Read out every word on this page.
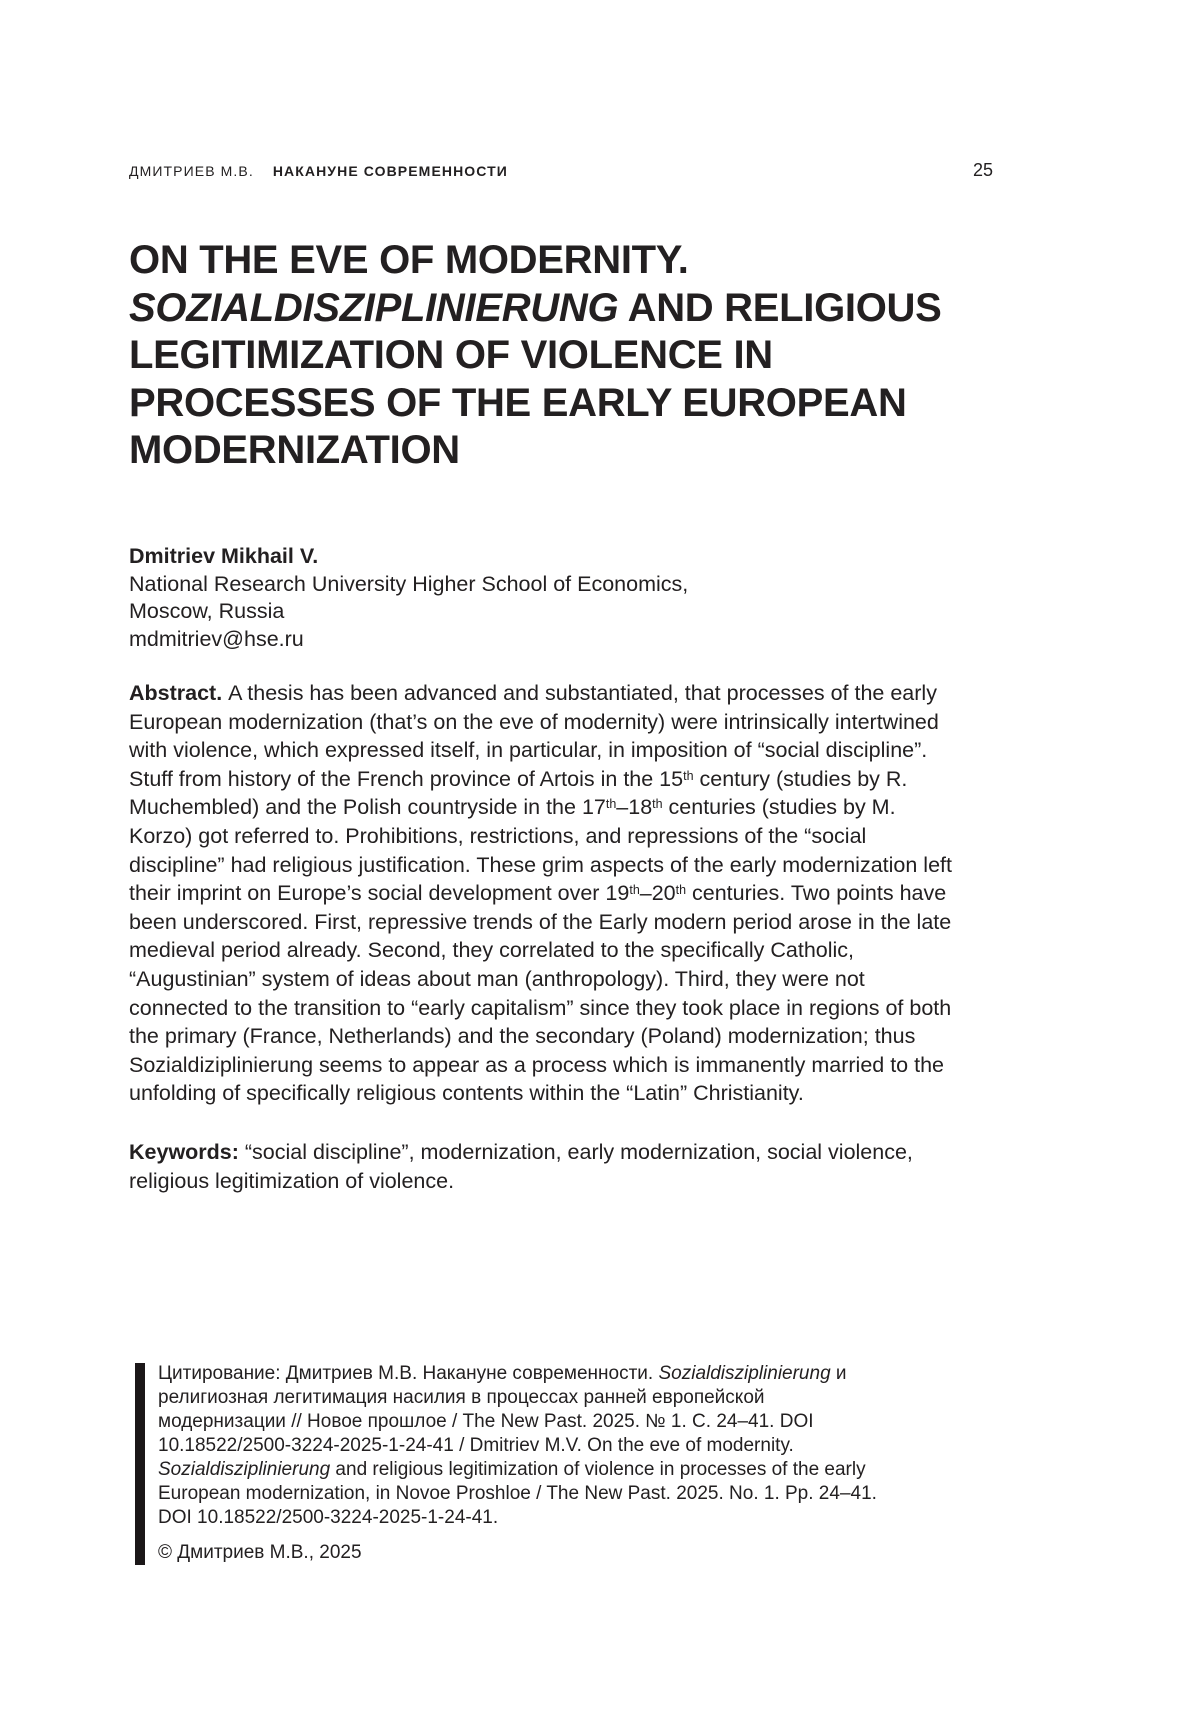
ДМИТРИЕВ М.В. НАКАНУНЕ СОВРЕМЕННОСТИ	25
ON THE EVE OF MODERNITY.
SOZIALDISZIPLINIERUNG AND RELIGIOUS
LEGITIMIZATION OF VIOLENCE IN
PROCESSES OF THE EARLY EUROPEAN
MODERNIZATION

Dmitriev Mikhail V.

National Research University Higher School of Economics,

Moscow, Russia

mdmitriev@hse.ru

Abstract. A thesis has been advanced and substantiated, that processes of the early European modernization (that’s on the eve of modernity) were intrinsically intertwined with violence, which expressed itself, in particular, in imposition of “social discipline”. Stuff from history of the French province of Artois in the 15th century (studies by R. Muchembled) and the Polish countryside in the 17th–18th centuries (studies by M. Korzo) got referred to. Prohibitions, restrictions, and repressions of the “social discipline” had religious justification. These grim aspects of the early modernization left their imprint on Europe’s social development over 19th–20th centuries. Two points have been underscored. First, repressive trends of the Early modern period arose in the late medieval period already. Second, they correlated to the specifically Catholic, “Augustinian” system of ideas about man (anthropology). Third, they were not connected to the transition to “early capitalism” since they took place in regions of both the primary (France, Netherlands) and the secondary (Poland) modernization; thus Sozialdiziplinierung seems to appear as a process which is immanently married to the unfolding of specifically religious contents within the “Latin” Christianity.

Keywords: “social discipline”, modernization, early modernization, social violence, religious legitimization of violence.

Цитирование: Дмитриев М.В. Накануне современности. Sozialdisziplinierung и религиозная легитимация насилия в процессах ранней европейской модернизации // Новое прошлое / The New Past. 2025. № 1. С. 24–41. DOI 10.18522/2500-3224-2025-1-24-41 / Dmitriev M.V. On the eve of modernity. Sozialdisziplinierung and religious legitimization of violence in processes of the early European modernization, in Novoe Proshloe / The New Past. 2025. No. 1. Pp. 24–41. DOI 10.18522/2500-3224-2025-1-24-41.

© Дмитриев М.В., 2025
